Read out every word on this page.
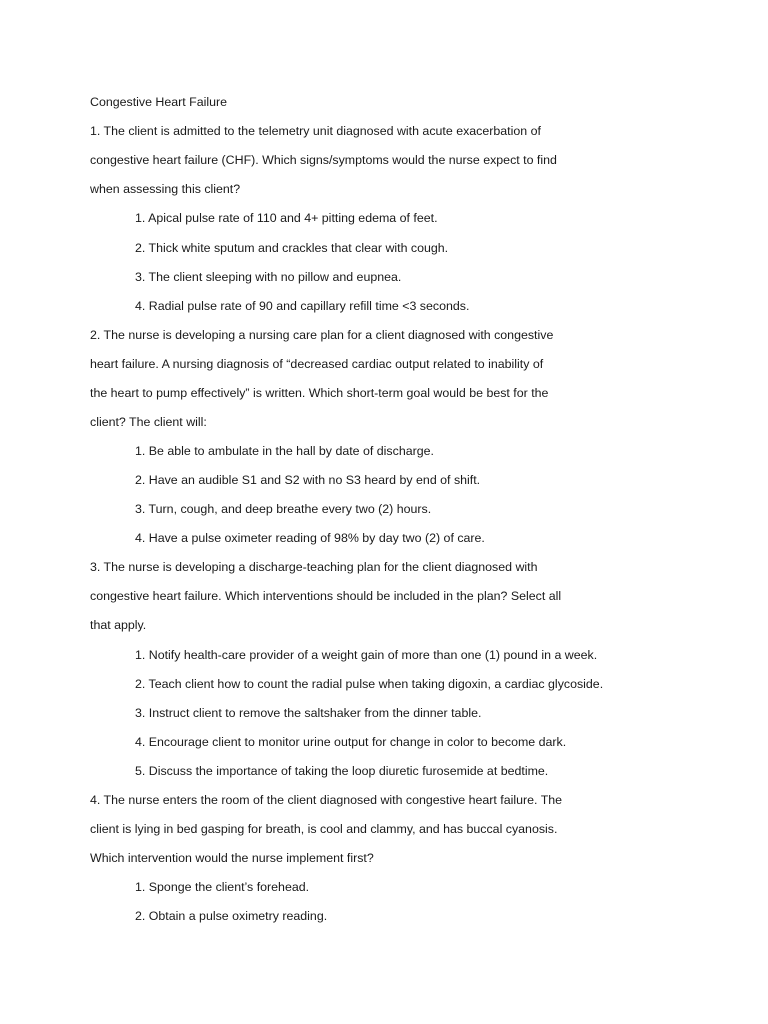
Congestive Heart Failure
1. The client is admitted to the telemetry unit diagnosed with acute exacerbation of
congestive heart failure (CHF). Which signs/symptoms would the nurse expect to find
when assessing this client?
1. Apical pulse rate of 110 and 4+ pitting edema of feet.
2. Thick white sputum and crackles that clear with cough.
3. The client sleeping with no pillow and eupnea.
4. Radial pulse rate of 90 and capillary refill time <3 seconds.
2. The nurse is developing a nursing care plan for a client diagnosed with congestive
heart failure. A nursing diagnosis of “decreased cardiac output related to inability of
the heart to pump effectively” is written. Which short-term goal would be best for the
client? The client will:
1. Be able to ambulate in the hall by date of discharge.
2. Have an audible S1 and S2 with no S3 heard by end of shift.
3. Turn, cough, and deep breathe every two (2) hours.
4. Have a pulse oximeter reading of 98% by day two (2) of care.
3. The nurse is developing a discharge-teaching plan for the client diagnosed with
congestive heart failure. Which interventions should be included in the plan? Select all
that apply.
1. Notify health-care provider of a weight gain of more than one (1) pound in a week.
2. Teach client how to count the radial pulse when taking digoxin, a cardiac glycoside.
3. Instruct client to remove the saltshaker from the dinner table.
4. Encourage client to monitor urine output for change in color to become dark.
5. Discuss the importance of taking the loop diuretic furosemide at bedtime.
4. The nurse enters the room of the client diagnosed with congestive heart failure. The
client is lying in bed gasping for breath, is cool and clammy, and has buccal cyanosis.
Which intervention would the nurse implement first?
1. Sponge the client’s forehead.
2. Obtain a pulse oximetry reading.
